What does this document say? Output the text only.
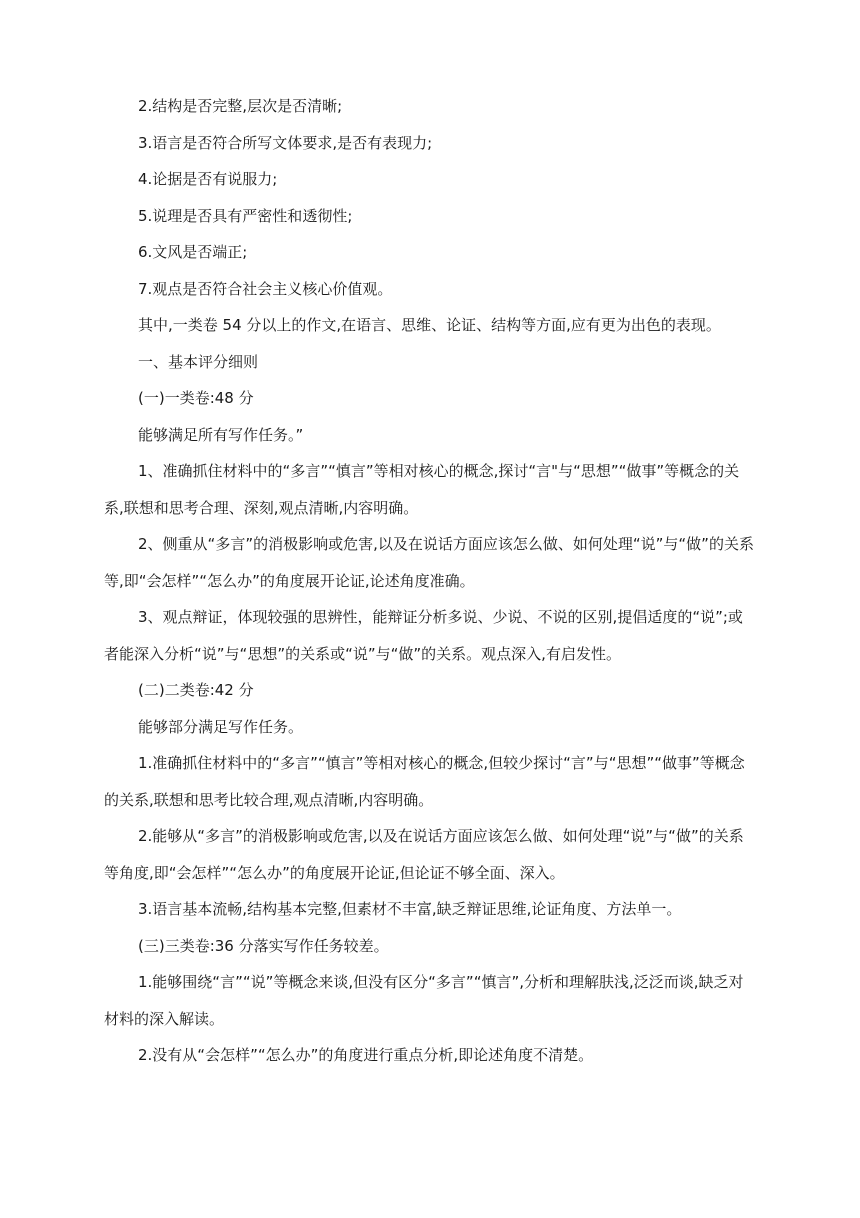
2.结构是否完整,层次是否清晰;

3.语言是否符合所写文体要求,是否有表现力;

4.论据是否有说服力;

5.说理是否具有严密性和透彻性;

6.文风是否端正;

7.观点是否符合社会主义核心价值观。

其中,一类卷 54 分以上的作文,在语言、思维、论证、结构等方面,应有更为出色的表现。

一、基本评分细则

(一)一类卷:48 分

能够满足所有写作任务。”

1、准确抓住材料中的“多言”“慎言”等相对核心的概念,探讨“言"与“思想”“做事”等概念的关系,联想和思考合理、深刻,观点清晰,内容明确。

2、侧重从“多言”的消极影响或危害,以及在说话方面应该怎么做、如何处理“说”与“做”的关系等,即“会怎样”“怎么办”的角度展开论证,论述角度准确。

3、观点辩证，体现较强的思辨性，能辩证分析多说、少说、不说的区别,提倡适度的“说”;或者能深入分析“说”与“思想”的关系或“说”与“做”的关系。观点深入,有启发性。

(二)二类卷:42 分

能够部分满足写作任务。

1.准确抓住材料中的“多言”“慎言”等相对核心的概念,但较少探讨“言”与“思想”“做事”等概念的关系,联想和思考比较合理,观点清晰,内容明确。

2.能够从“多言”的消极影响或危害,以及在说话方面应该怎么做、如何处理“说”与“做”的关系等角度,即“会怎样”“怎么办”的角度展开论证,但论证不够全面、深入。

3.语言基本流畅,结构基本完整,但素材不丰富,缺乏辩证思维,论证角度、方法单一。

(三)三类卷:36 分落实写作任务较差。

1.能够围绕“言”“说”等概念来谈,但没有区分“多言”“慎言”,分析和理解肤浅,泛泛而谈,缺乏对材料的深入解读。

2.没有从“会怎样”“怎么办”的角度进行重点分析,即论述角度不清楚。
